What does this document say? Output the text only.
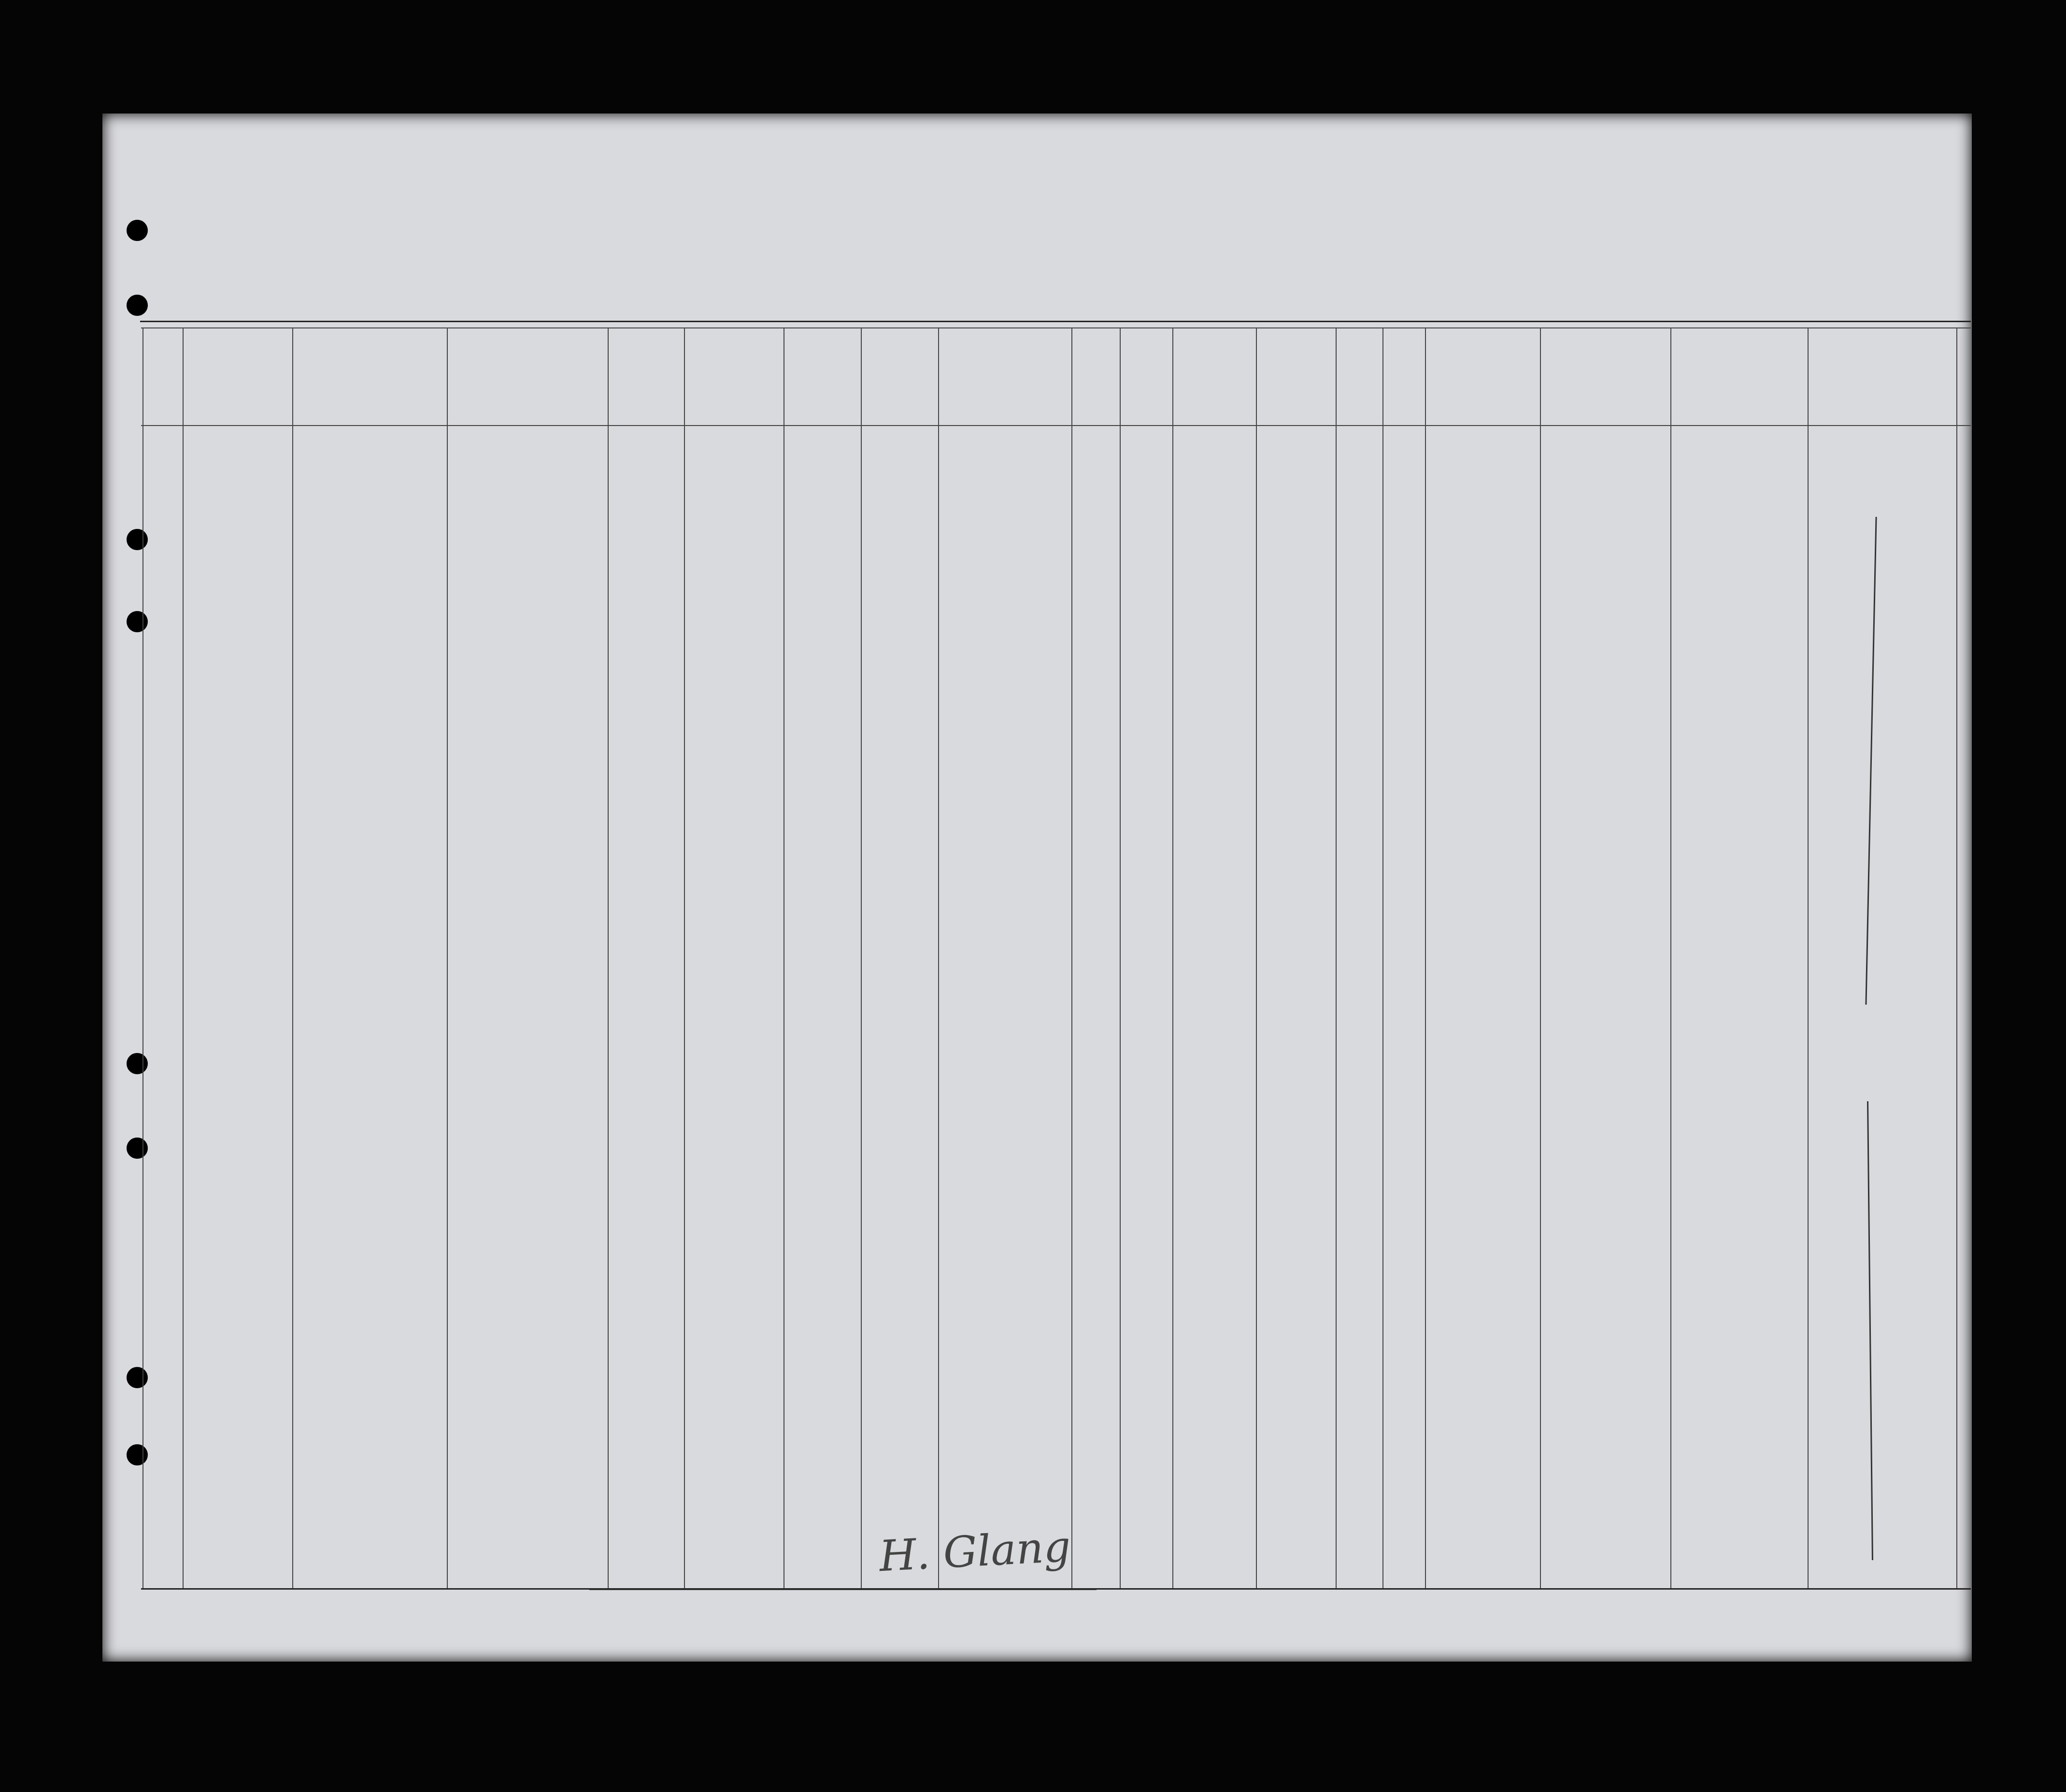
H. Glang
